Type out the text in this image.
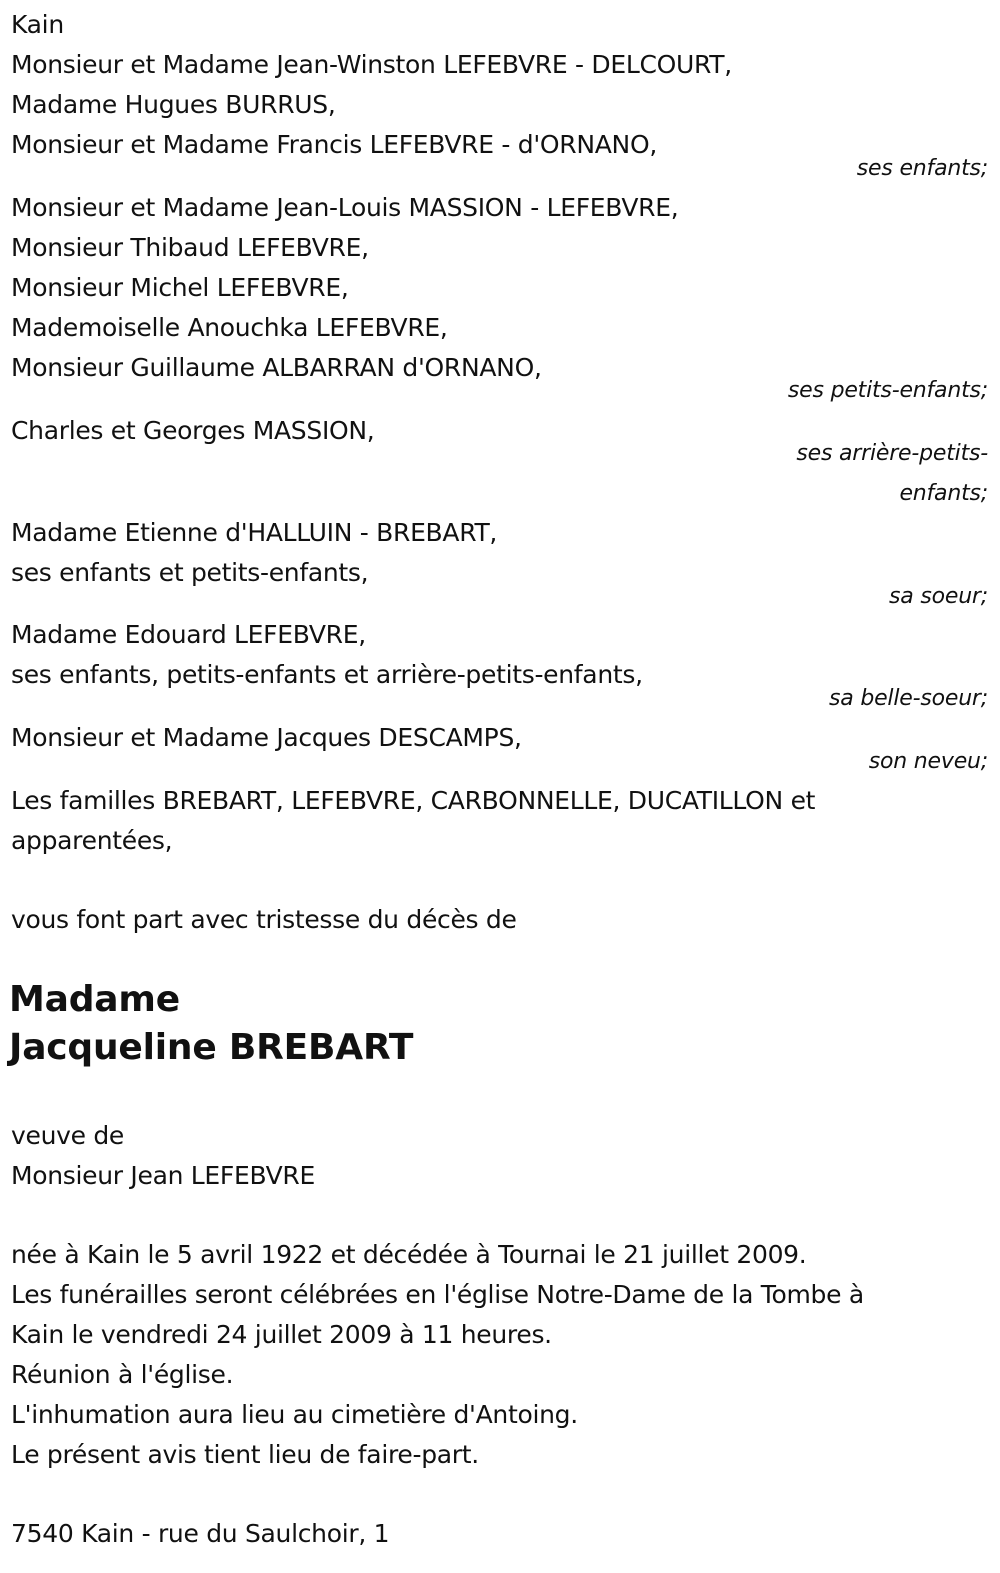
Kain
Monsieur et Madame Jean-Winston LEFEBVRE - DELCOURT,
Madame Hugues BURRUS,
Monsieur et Madame Francis LEFEBVRE - d'ORNANO,
ses enfants;
Monsieur et Madame Jean-Louis MASSION - LEFEBVRE,
Monsieur Thibaud LEFEBVRE,
Monsieur Michel LEFEBVRE,
Mademoiselle Anouchka LEFEBVRE,
Monsieur Guillaume ALBARRAN d'ORNANO,
ses petits-enfants;
Charles et Georges MASSION,
ses arrière-petits-
enfants;
Madame Etienne d'HALLUIN - BREBART,
ses enfants et petits-enfants,
sa soeur;
Madame Edouard LEFEBVRE,
ses enfants, petits-enfants et arrière-petits-enfants,
sa belle-soeur;
Monsieur et Madame Jacques DESCAMPS,
son neveu;
Les familles BREBART, LEFEBVRE, CARBONNELLE, DUCATILLON et
apparentées,
vous font part avec tristesse du décès de
Madame
Jacqueline BREBART
veuve de
Monsieur Jean LEFEBVRE
née à Kain le 5 avril 1922 et décédée à Tournai le 21 juillet 2009.
Les funérailles seront célébrées en l'église Notre-Dame de la Tombe à
Kain le vendredi 24 juillet 2009 à 11 heures.
Réunion à l'église.
L'inhumation aura lieu au cimetière d'Antoing.
Le présent avis tient lieu de faire-part.
7540 Kain - rue du Saulchoir, 1
